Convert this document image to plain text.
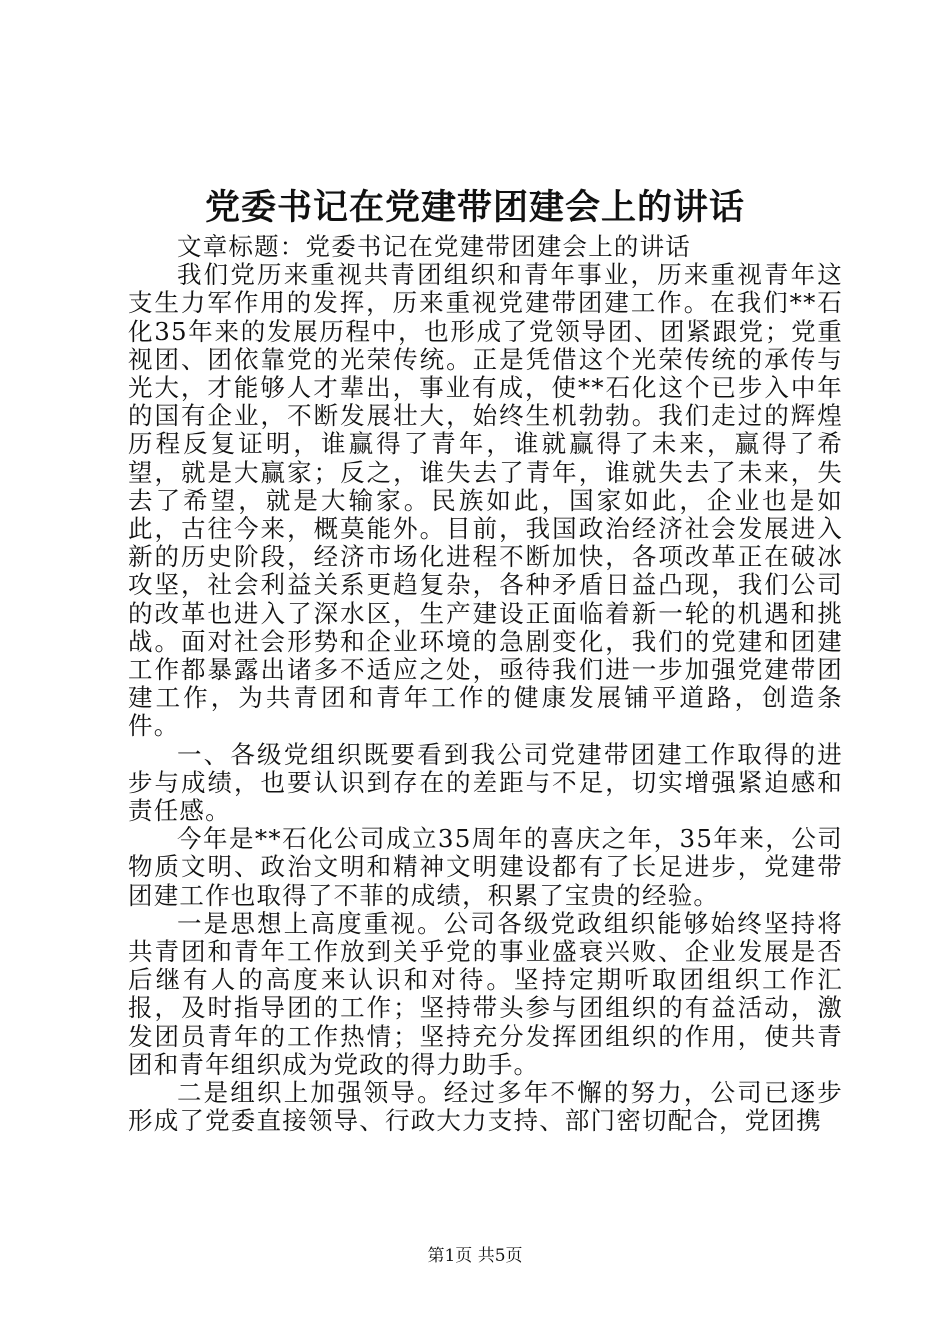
党委书记在党建带团建会上的讲话

文章标题：党委书记在党建带团建会上的讲话

我们党历来重视共青团组织和青年事业，历来重视青年这支生力军作用的发挥，历来重视党建带团建工作。在我们**石化35年来的发展历程中，也形成了党领导团、团紧跟党；党重视团、团依靠党的光荣传统。正是凭借这个光荣传统的承传与光大，才能够人才辈出，事业有成，使**石化这个已步入中年的国有企业，不断发展壮大，始终生机勃勃。我们走过的辉煌历程反复证明，谁赢得了青年，谁就赢得了未来，赢得了希望，就是大赢家；反之，谁失去了青年，谁就失去了未来，失去了希望，就是大输家。民族如此，国家如此，企业也是如此，古往今来，概莫能外。目前，我国政治经济社会发展进入新的历史阶段，经济市场化进程不断加快，各项改革正在破冰攻坚，社会利益关系更趋复杂，各种矛盾日益凸现，我们公司的改革也进入了深水区，生产建设正面临着新一轮的机遇和挑战。面对社会形势和企业环境的急剧变化，我们的党建和团建工作都暴露出诸多不适应之处，亟待我们进一步加强党建带团建工作，为共青团和青年工作的健康发展铺平道路，创造条件。

一、各级党组织既要看到我公司党建带团建工作取得的进步与成绩，也要认识到存在的差距与不足，切实增强紧迫感和责任感。

今年是**石化公司成立35周年的喜庆之年，35年来，公司物质文明、政治文明和精神文明建设都有了长足进步，党建带团建工作也取得了不菲的成绩，积累了宝贵的经验。

一是思想上高度重视。公司各级党政组织能够始终坚持将共青团和青年工作放到关乎党的事业盛衰兴败、企业发展是否后继有人的高度来认识和对待。坚持定期听取团组织工作汇报，及时指导团的工作；坚持带头参与团组织的有益活动，激发团员青年的工作热情；坚持充分发挥团组织的作用，使共青团和青年组织成为党政的得力助手。

二是组织上加强领导。经过多年不懈的努力，公司已逐步形成了党委直接领导、行政大力支持、部门密切配合，党团携

第1页 共5页
